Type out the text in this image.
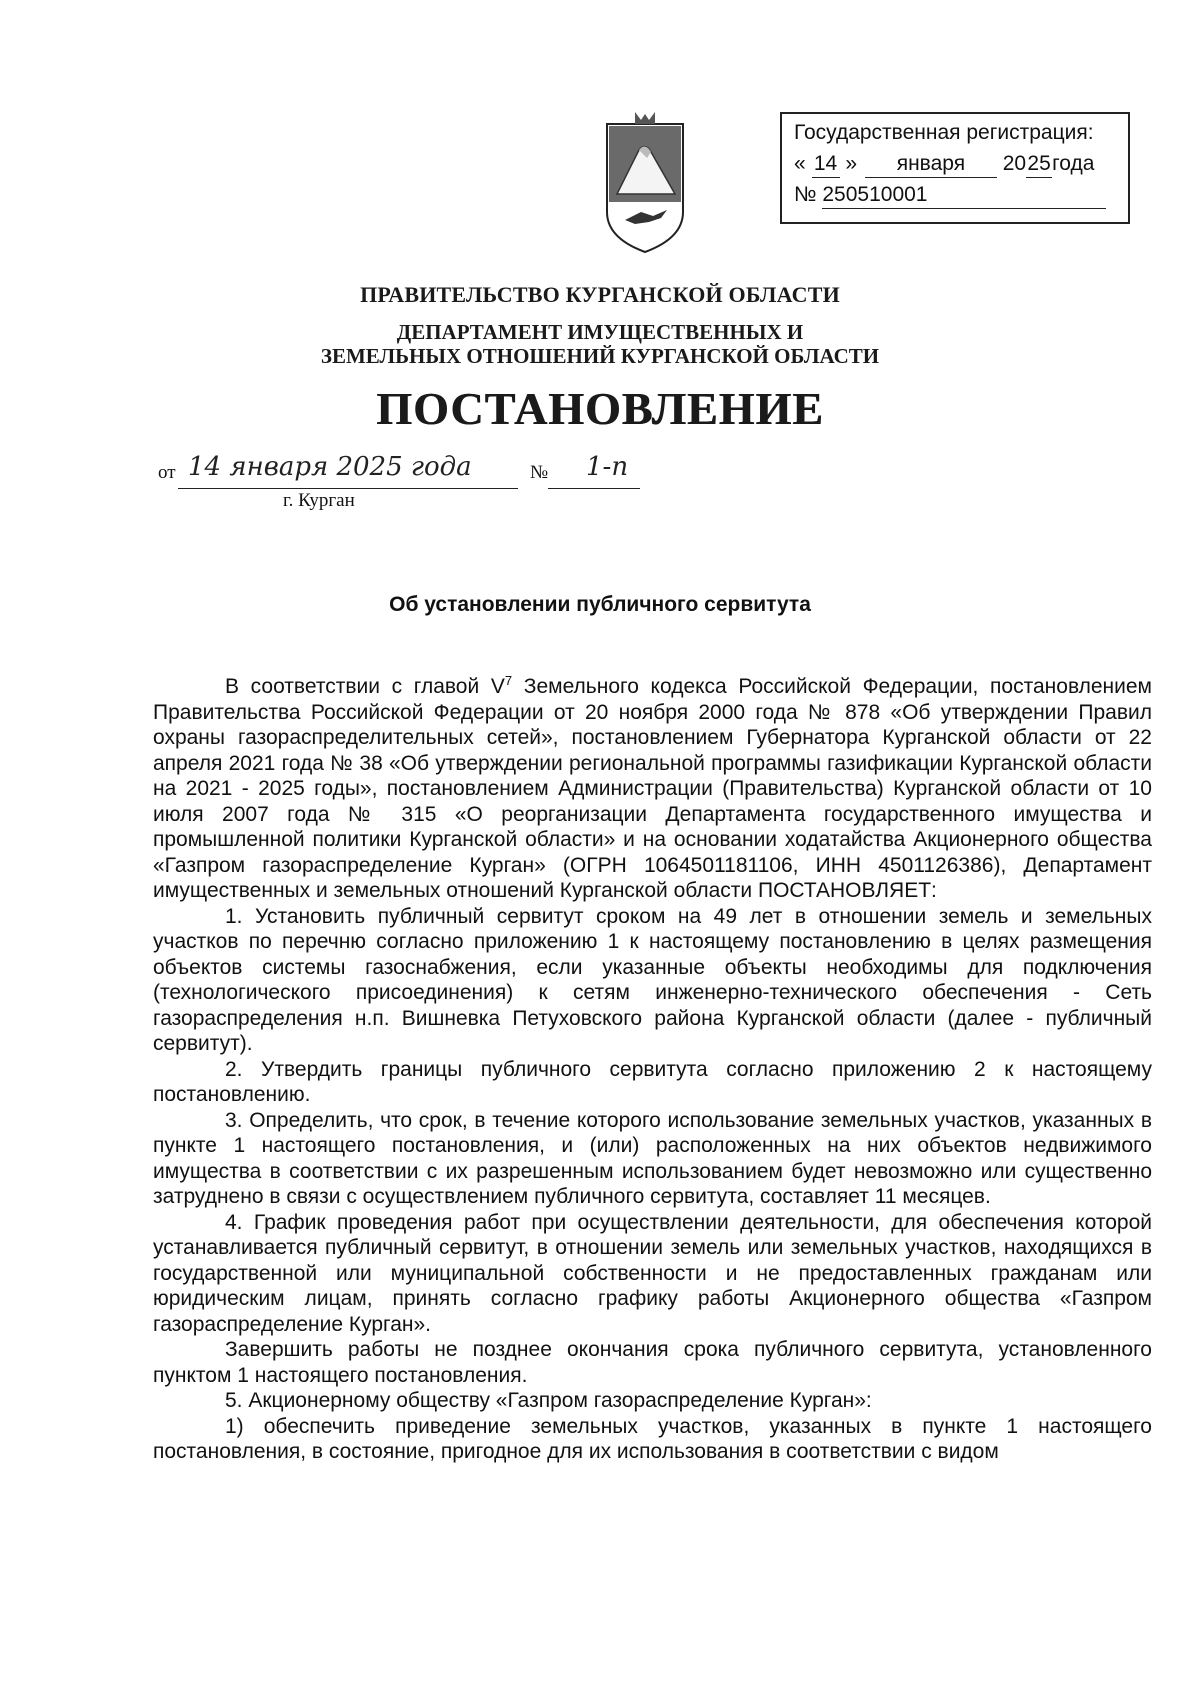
Государственная регистрация:
« 14 » января 2025года
№ 250510001
ПРАВИТЕЛЬСТВО КУРГАНСКОЙ ОБЛАСТИ
ДЕПАРТАМЕНТ ИМУЩЕСТВЕННЫХ И
ЗЕМЕЛЬНЫХ ОТНОШЕНИЙ КУРГАНСКОЙ ОБЛАСТИ
ПОСТАНОВЛЕНИЕ
от 14 января 2025 года	№ 1-п
г. Курган
Об установлении публичного сервитута

В соответствии с главой $V^7$ Земельного кодекса Российской Федерации, постановлением Правительства Российской Федерации от 20 ноября 2000 года № 878 «Об утверждении Правил охраны газораспределительных сетей», постановлением Губернатора Курганской области от 22 апреля 2021 года № 38 «Об утверждении региональной программы газификации Курганской области на 2021 - 2025 годы», постановлением Администрации (Правительства) Курганской области от 10 июля 2007 года № 315 «О реорганизации Департамента государственного имущества и промышленной политики Курганской области» и на основании ходатайства Акционерного общества «Газпром газораспределение Курган» (ОГРН 1064501181106, ИНН 4501126386), Департамент имущественных и земельных отношений Курганской области ПОСТАНОВЛЯЕТ:

1. Установить публичный сервитут сроком на 49 лет в отношении земель и земельных участков по перечню согласно приложению 1 к настоящему постановлению в целях размещения объектов системы газоснабжения, если указанные объекты необходимы для подключения (технологического присоединения) к сетям инженерно-технического обеспечения - Сеть газораспределения н.п. Вишневка Петуховского района Курганской области (далее - публичный сервитут).

2. Утвердить границы публичного сервитута согласно приложению 2 к настоящему постановлению.

3. Определить, что срок, в течение которого использование земельных участков, указанных в пункте 1 настоящего постановления, и (или) расположенных на них объектов недвижимого имущества в соответствии с их разрешенным использованием будет невозможно или существенно затруднено в связи с осуществлением публичного сервитута, составляет 11 месяцев.

4. График проведения работ при осуществлении деятельности, для обеспечения которой устанавливается публичный сервитут, в отношении земель или земельных участков, находящихся в государственной или муниципальной собственности и не предоставленных гражданам или юридическим лицам, принять согласно графику работы Акционерного общества «Газпром газораспределение Курган».

Завершить работы не позднее окончания срока публичного сервитута, установленного пунктом 1 настоящего постановления.

5. Акционерному обществу «Газпром газораспределение Курган»:

1) обеспечить приведение земельных участков, указанных в пункте 1 настоящего постановления, в состояние, пригодное для их использования в соответствии с видом
